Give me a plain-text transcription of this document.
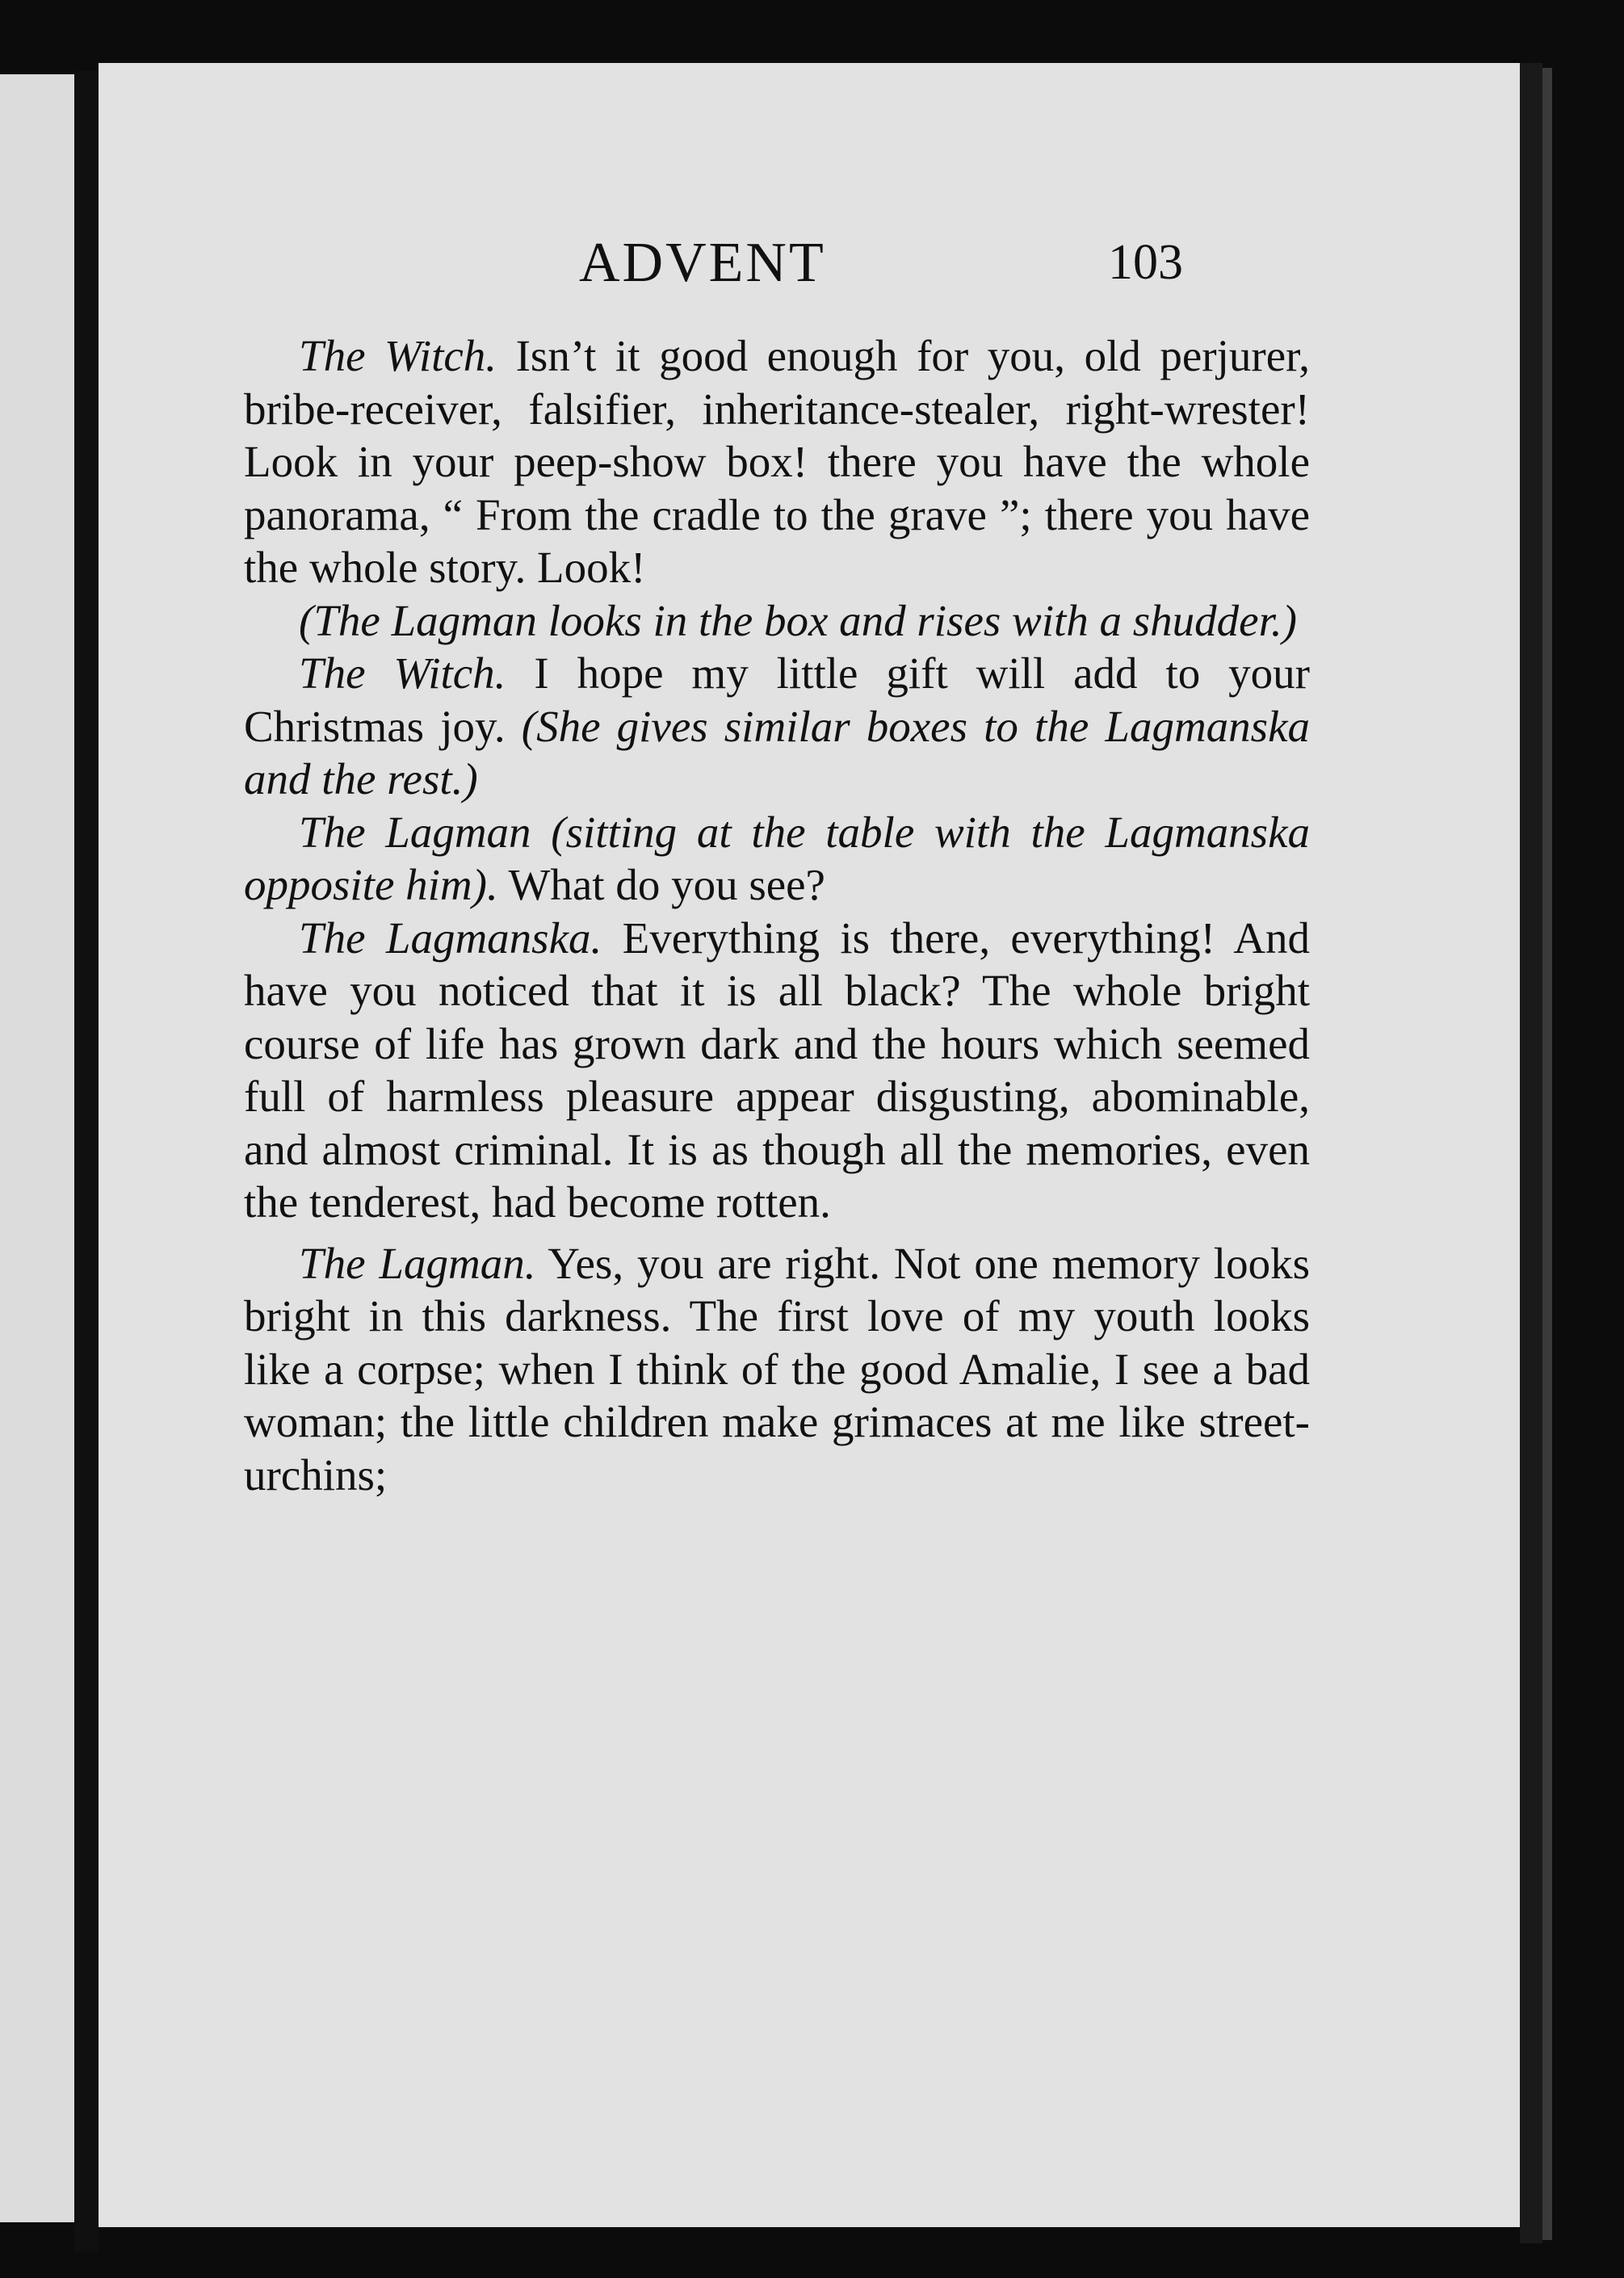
ADVENT	103

The Witch. Isn’t it good enough for you, old perjurer, bribe-receiver, falsifier, inheritance-stealer, right-wrester! Look in your peep-show box! there you have the whole panorama, “ From the cradle to the grave ”; there you have the whole story. Look!

(The Lagman looks in the box and rises with a shudder.)

The Witch. I hope my little gift will add to your Christmas joy. (She gives similar boxes to the Lagmanska and the rest.)

The Lagman (sitting at the table with the Lagmanska opposite him). What do you see?

The Lagmanska. Everything is there, everything! And have you noticed that it is all black? The whole bright course of life has grown dark and the hours which seemed full of harmless pleasure appear disgusting, abominable, and almost criminal. It is as though all the memories, even the tenderest, had become rotten.

The Lagman. Yes, you are right. Not one memory looks bright in this darkness. The first love of my youth looks like a corpse; when I think of the good Amalie, I see a bad woman; the little children make grimaces at me like street-urchins;
